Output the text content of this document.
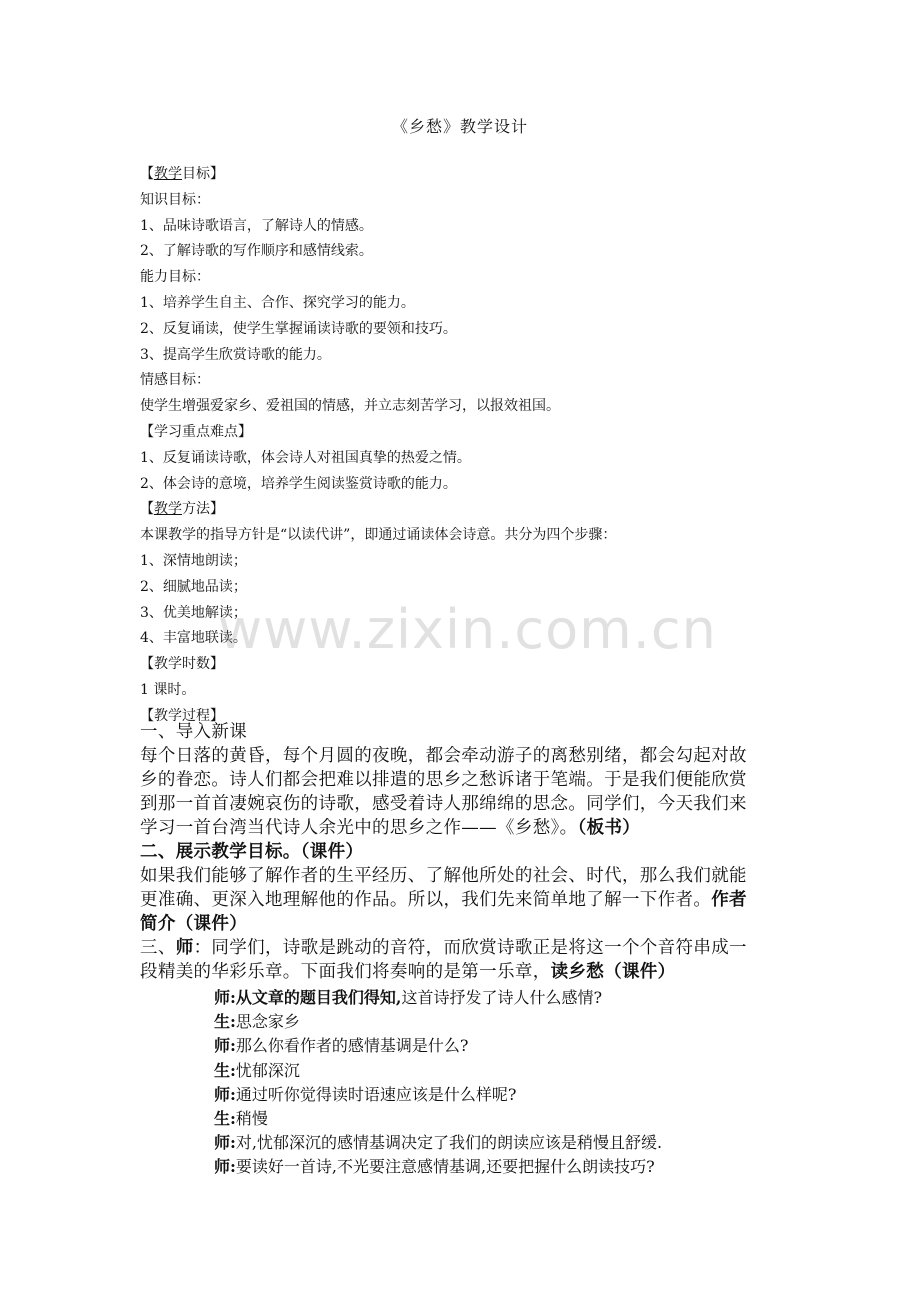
《乡愁》教学设计
【教学目标】
知识目标：
1、品味诗歌语言，了解诗人的情感。
2、了解诗歌的写作顺序和感情线索。
能力目标：
1、培养学生自主、合作、探究学习的能力。
2、反复诵读，使学生掌握诵读诗歌的要领和技巧。
3、提高学生欣赏诗歌的能力。
情感目标：
使学生增强爱家乡、爱祖国的情感，并立志刻苦学习，以报效祖国。
【学习重点难点】
1、反复诵读诗歌，体会诗人对祖国真挚的热爱之情。
2、体会诗的意境，培养学生阅读鉴赏诗歌的能力。
【教学方法】
本课教学的指导方针是“以读代讲”，即通过诵读体会诗意。共分为四个步骤：
1、深情地朗读；
2、细腻地品读；
3、优美地解读；
4、丰富地联读。
【教学时数】
1 课时。
【教学过程】
一、导入新课
每个日落的黄昏，每个月圆的夜晚，都会牵动游子的离愁别绪，都会勾起对故
乡的眷恋。诗人们都会把难以排遣的思乡之愁诉诸于笔端。于是我们便能欣赏
到那一首首凄婉哀伤的诗歌，感受着诗人那绵绵的思念。同学们，今天我们来
学习一首台湾当代诗人余光中的思乡之作——《乡愁》。（板书）
二、展示教学目标。（课件）
如果我们能够了解作者的生平经历、了解他所处的社会、时代，那么我们就能
更准确、更深入地理解他的作品。所以，我们先来简单地了解一下作者。作者
简介（课件）
三、师：同学们，诗歌是跳动的音符，而欣赏诗歌正是将这一个个音符串成一
段精美的华彩乐章。下面我们将奏响的是第一乐章，读乡愁（课件）
师:从文章的题目我们得知,这首诗抒发了诗人什么感情?
生:思念家乡
师:那么你看作者的感情基调是什么?
生:忧郁深沉
师:通过听你觉得读时语速应该是什么样呢?
生:稍慢
师:对,忧郁深沉的感情基调决定了我们的朗读应该是稍慢且舒缓.
师:要读好一首诗,不光要注意感情基调,还要把握什么朗读技巧?
www.zixin.com.cn
